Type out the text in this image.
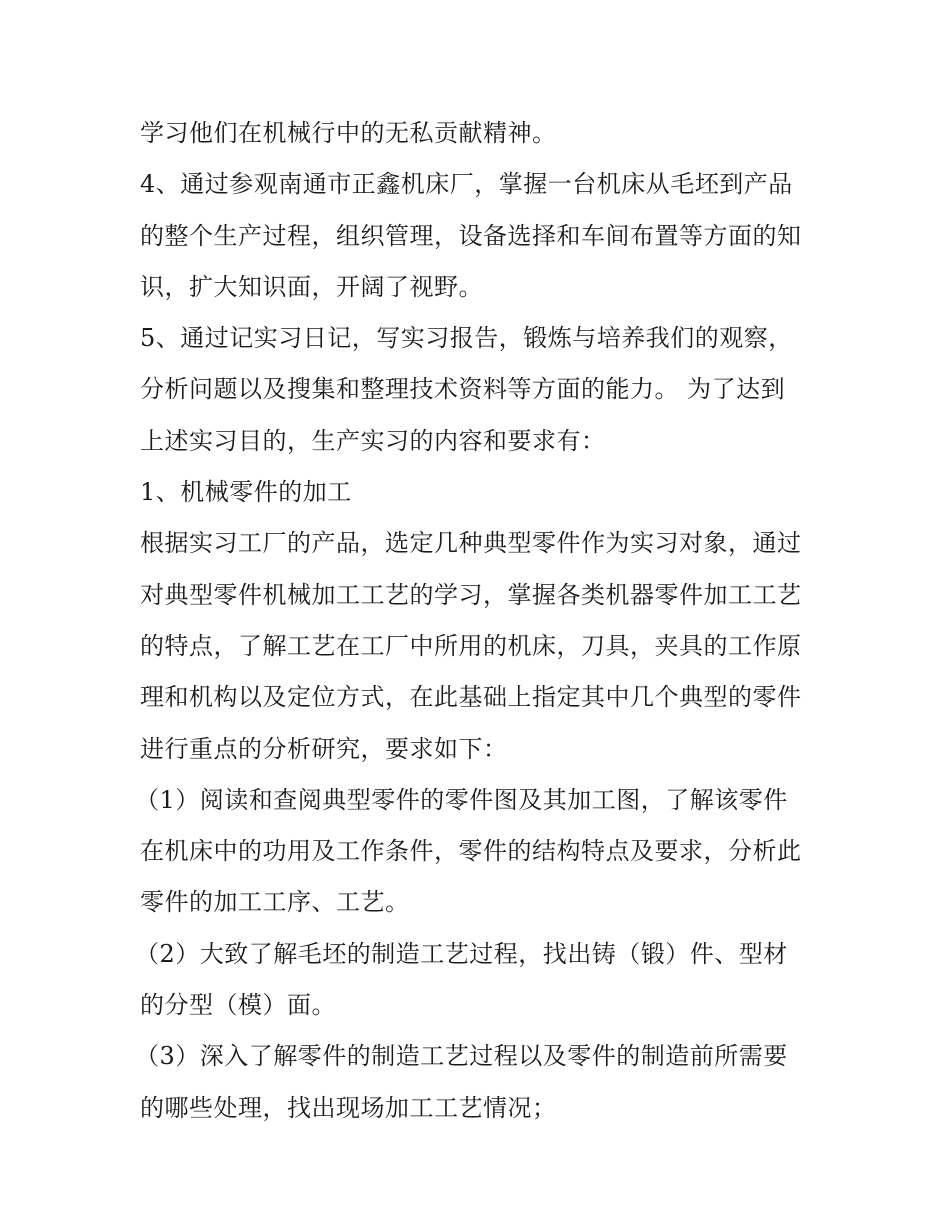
学习他们在机械行中的无私贡献精神。
4、通过参观南通市正鑫机床厂，掌握一台机床从毛坯到产品
的整个生产过程，组织管理，设备选择和车间布置等方面的知
识，扩大知识面，开阔了视野。
5、通过记实习日记，写实习报告，锻炼与培养我们的观察，
分析问题以及搜集和整理技术资料等方面的能力。 为了达到
上述实习目的，生产实习的内容和要求有：
1、机械零件的加工
根据实习工厂的产品，选定几种典型零件作为实习对象，通过
对典型零件机械加工工艺的学习，掌握各类机器零件加工工艺
的特点，了解工艺在工厂中所用的机床，刀具，夹具的工作原
理和机构以及定位方式，在此基础上指定其中几个典型的零件
进行重点的分析研究，要求如下：
（1）阅读和查阅典型零件的零件图及其加工图，了解该零件
在机床中的功用及工作条件，零件的结构特点及要求，分析此
零件的加工工序、工艺。
（2）大致了解毛坯的制造工艺过程，找出铸（锻）件、型材
的分型（模）面。
（3）深入了解零件的制造工艺过程以及零件的制造前所需要
的哪些处理，找出现场加工工艺情况；
